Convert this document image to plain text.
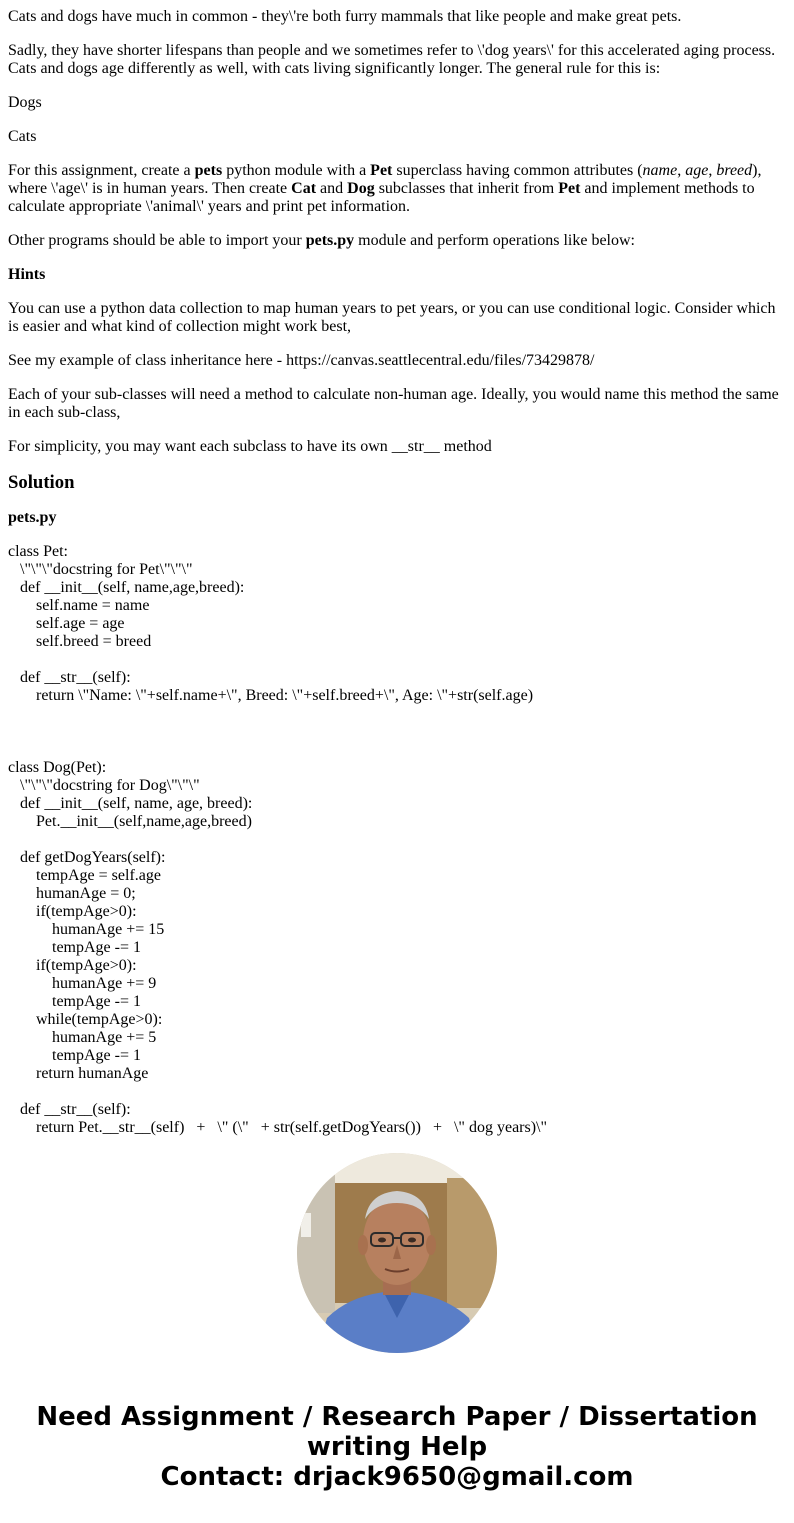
Cats and dogs have much in common - they\'re both furry mammals that like people and make great pets.

Sadly, they have shorter lifespans than people and we sometimes refer to \'dog years\' for this accelerated aging process. Cats and dogs age differently as well, with cats living significantly longer. The general rule for this is:

Dogs

Cats

For this assignment, create a pets python module with a Pet superclass having common attributes (name, age, breed), where \'age\' is in human years. Then create Cat and Dog subclasses that inherit from Pet and implement methods to calculate appropriate \'animal\' years and print pet information.

Other programs should be able to import your pets.py module and perform operations like below:

Hints

You can use a python data collection to map human years to pet years, or you can use conditional logic. Consider which is easier and what kind of collection might work best,

See my example of class inheritance here - https://canvas.seattlecentral.edu/files/73429878/

Each of your sub-classes will need a method to calculate non-human age. Ideally, you would name this method the same in each sub-class,

For simplicity, you may want each subclass to have its own __str__ method

Solution
pets.py
class Pet:
\"\"\"docstring for Pet\"\"\"
def __init__(self, name,age,breed):
self.name = name
self.age = age
self.breed = breed

def __str__(self):
return \"Name: \"+self.name+\", Breed: \"+self.breed+\", Age: \"+str(self.age)

class Dog(Pet):
\"\"\"docstring for Dog\"\"\"
def __init__(self, name, age, breed):
Pet.__init__(self,name,age,breed)

def getDogYears(self):
tempAge = self.age
humanAge = 0;
if(tempAge>0):
humanAge += 15
tempAge -= 1
if(tempAge>0):
humanAge += 9
tempAge -= 1
while(tempAge>0):
humanAge += 5
tempAge -= 1
return humanAge

def __str__(self):
return Pet.__str__(self)   +   \" (\"   + str(self.getDogYears())   +   \" dog years)\"
Need Assignment / Research Paper / Dissertation
writing Help
Contact: drjack9650@gmail.com
